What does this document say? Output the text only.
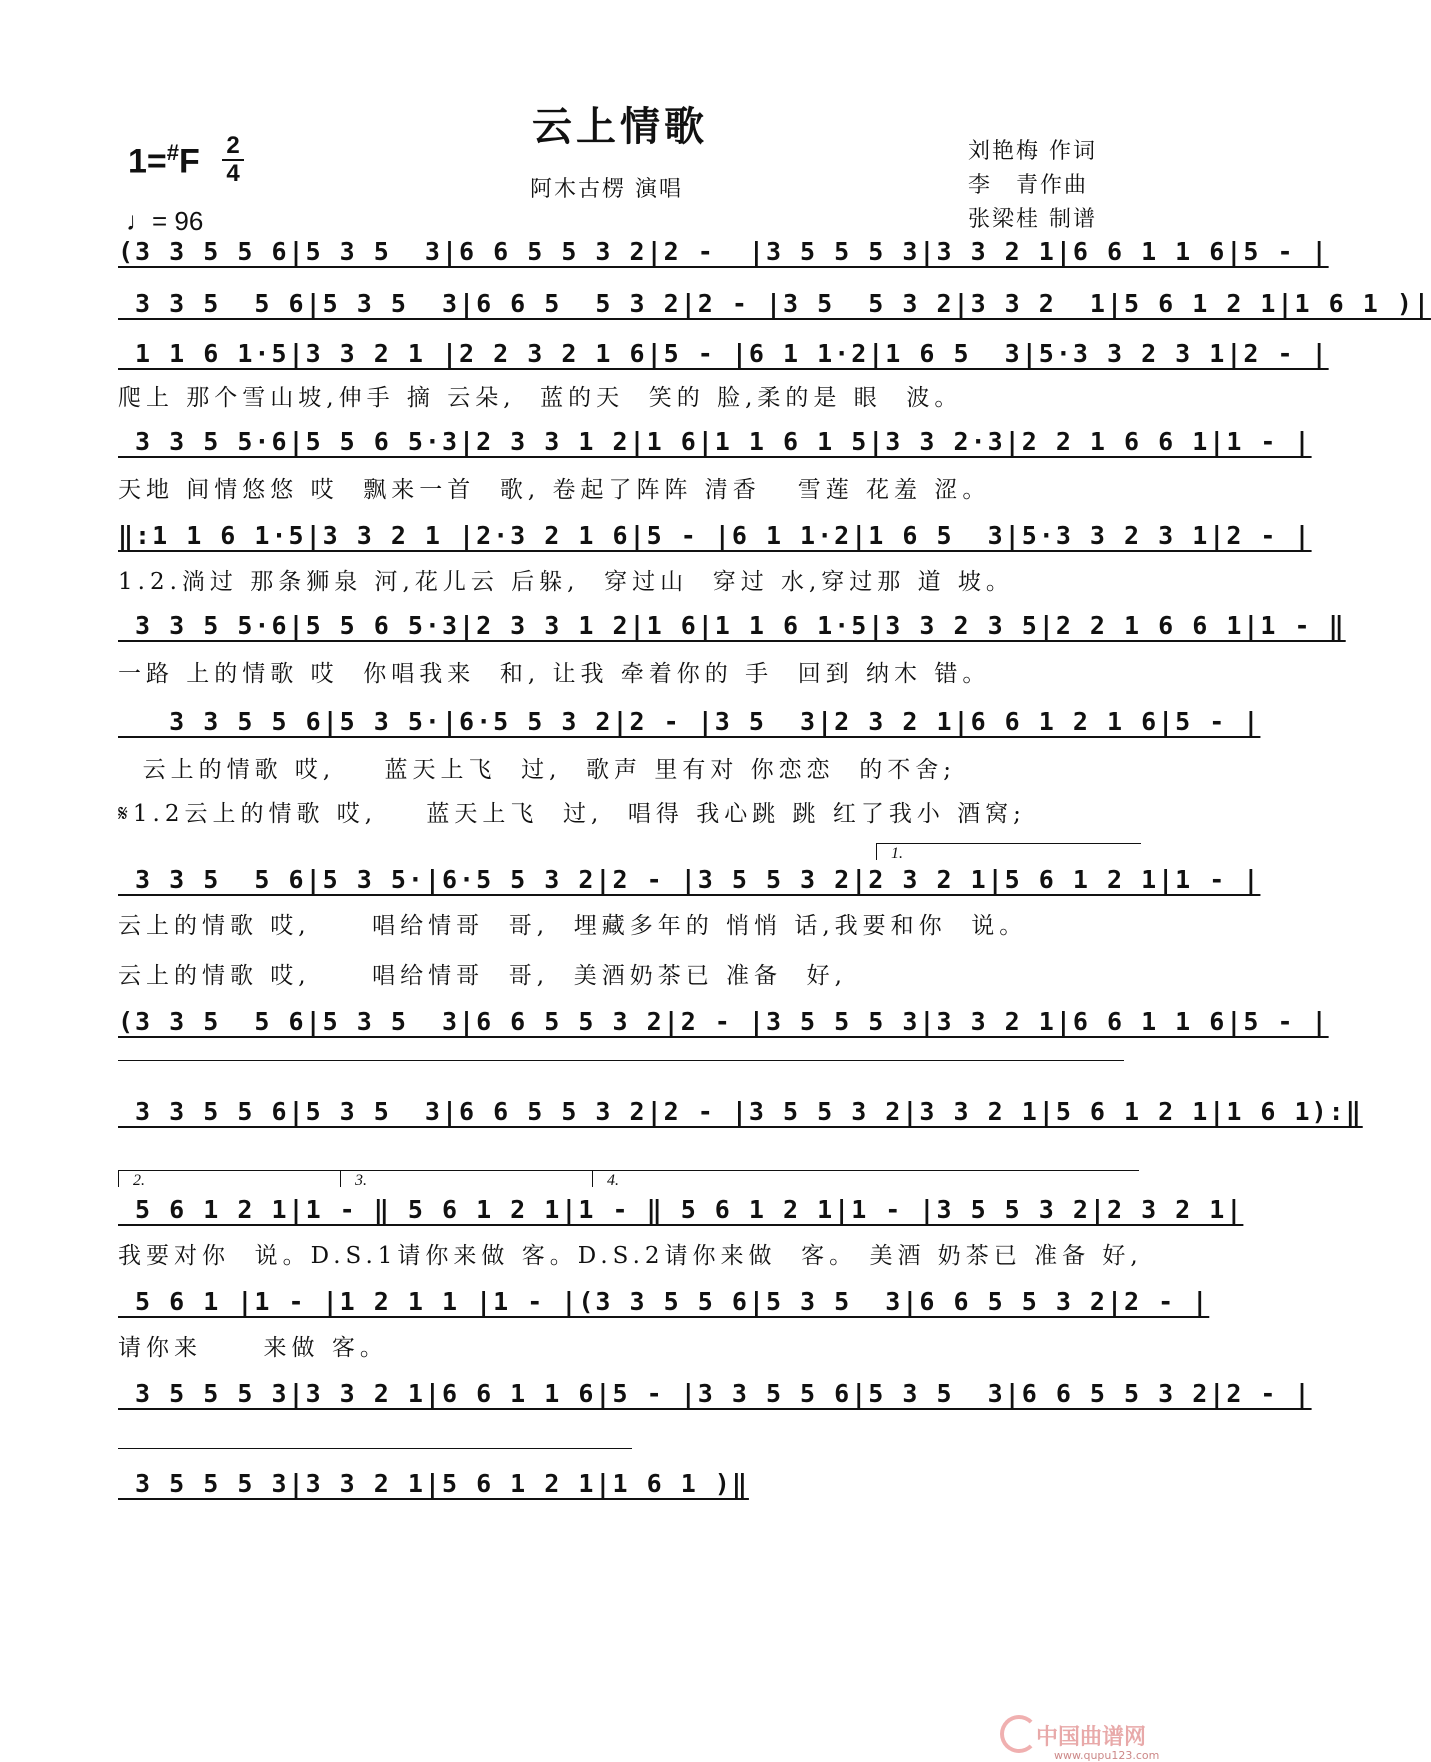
云上情歌
1=#F 2
4
♩= 96
阿木古楞 演唱
刘艳梅 作词
李　青作曲
张梁桂 制谱
(3 3 5 5 6|5 3 5  3|6 6 5 5 3 2|2 -  |3 5 5 5 3|3 3 2 1|6 6 1 1 6|5 - |
3 3 5  5 6|5 3 5  3|6 6 5  5 3 2|2 - |3 5  5 3 2|3 3 2  1|5 6 1 2 1|1 6 1 )|
1 1 6 1·5|3 3 2 1 |2 2 3 2 1 6|5 - |6 1 1·2|1 6 5  3|5·3 3 2 3 1|2 - |
爬上 那个雪山坡,伸手 摘 云朵,  蓝的天  笑的 脸,柔的是 眼  波。
3 3 5 5·6|5 5 6 5·3|2 3 3 1 2|1 6|1 1 6 1 5|3 3 2·3|2 2 1 6 6 1|1 - |
天地 间情悠悠 哎  飘来一首  歌, 卷起了阵阵 清香   雪莲 花羞 涩。
‖:1 1 6 1·5|3 3 2 1 |2·3 2 1 6|5 - |6 1 1·2|1 6 5  3|5·3 3 2 3 1|2 - |
1.2.淌过 那条狮泉 河,花儿云 后躲,  穿过山  穿过 水,穿过那 道 坡。
3 3 5 5·6|5 5 6 5·3|2 3 3 1 2|1 6|1 1 6 1·5|3 3 2 3 5|2 2 1 6 6 1|1 - ‖
一路 上的情歌 哎  你唱我来  和, 让我 牵着你的 手  回到 纳木 错。
3 3 5 5 6|5 3 5·|6·5 5 3 2|2 - |3 5  3|2 3 2 1|6 6 1 2 1 6|5 - |
云上的情歌 哎,    蓝天上飞  过,  歌声 里有对 你恋恋  的不舍;
𝄋1.2云上的情歌 哎,    蓝天上飞  过,  唱得 我心跳 跳 红了我小 酒窝;
1.
3 3 5  5 6|5 3 5·|6·5 5 3 2|2 - |3 5 5 3 2|2 3 2 1|5 6 1 2 1|1 - |
云上的情歌 哎,     唱给情哥  哥,  埋藏多年的 悄悄 话,我要和你  说。
云上的情歌 哎,     唱给情哥  哥,  美酒奶茶已 准备  好,
(3 3 5  5 6|5 3 5  3|6 6 5 5 3 2|2 - |3 5 5 5 3|3 3 2 1|6 6 1 1 6|5 - |
3 3 5 5 6|5 3 5  3|6 6 5 5 3 2|2 - |3 5 5 3 2|3 3 2 1|5 6 1 2 1|1 6 1):‖
2.	3.	4.
5 6 1 2 1|1 - ‖ 5 6 1 2 1|1 - ‖ 5 6 1 2 1|1 - |3 5 5 3 2|2 3 2 1|
我要对你  说。D.S.1请你来做 客。D.S.2请你来做  客。 美酒 奶茶已 准备 好,
5 6 1 |1 - |1 2 1 1 |1 - |(3 3 5 5 6|5 3 5  3|6 6 5 5 3 2|2 - |
请你来     来做 客。
3 5 5 5 3|3 3 2 1|6 6 1 1 6|5 - |3 3 5 5 6|5 3 5  3|6 6 5 5 3 2|2 - |
3 5 5 5 3|3 3 2 1|5 6 1 2 1|1 6 1 )‖
中国曲谱网
www.qupu123.com
